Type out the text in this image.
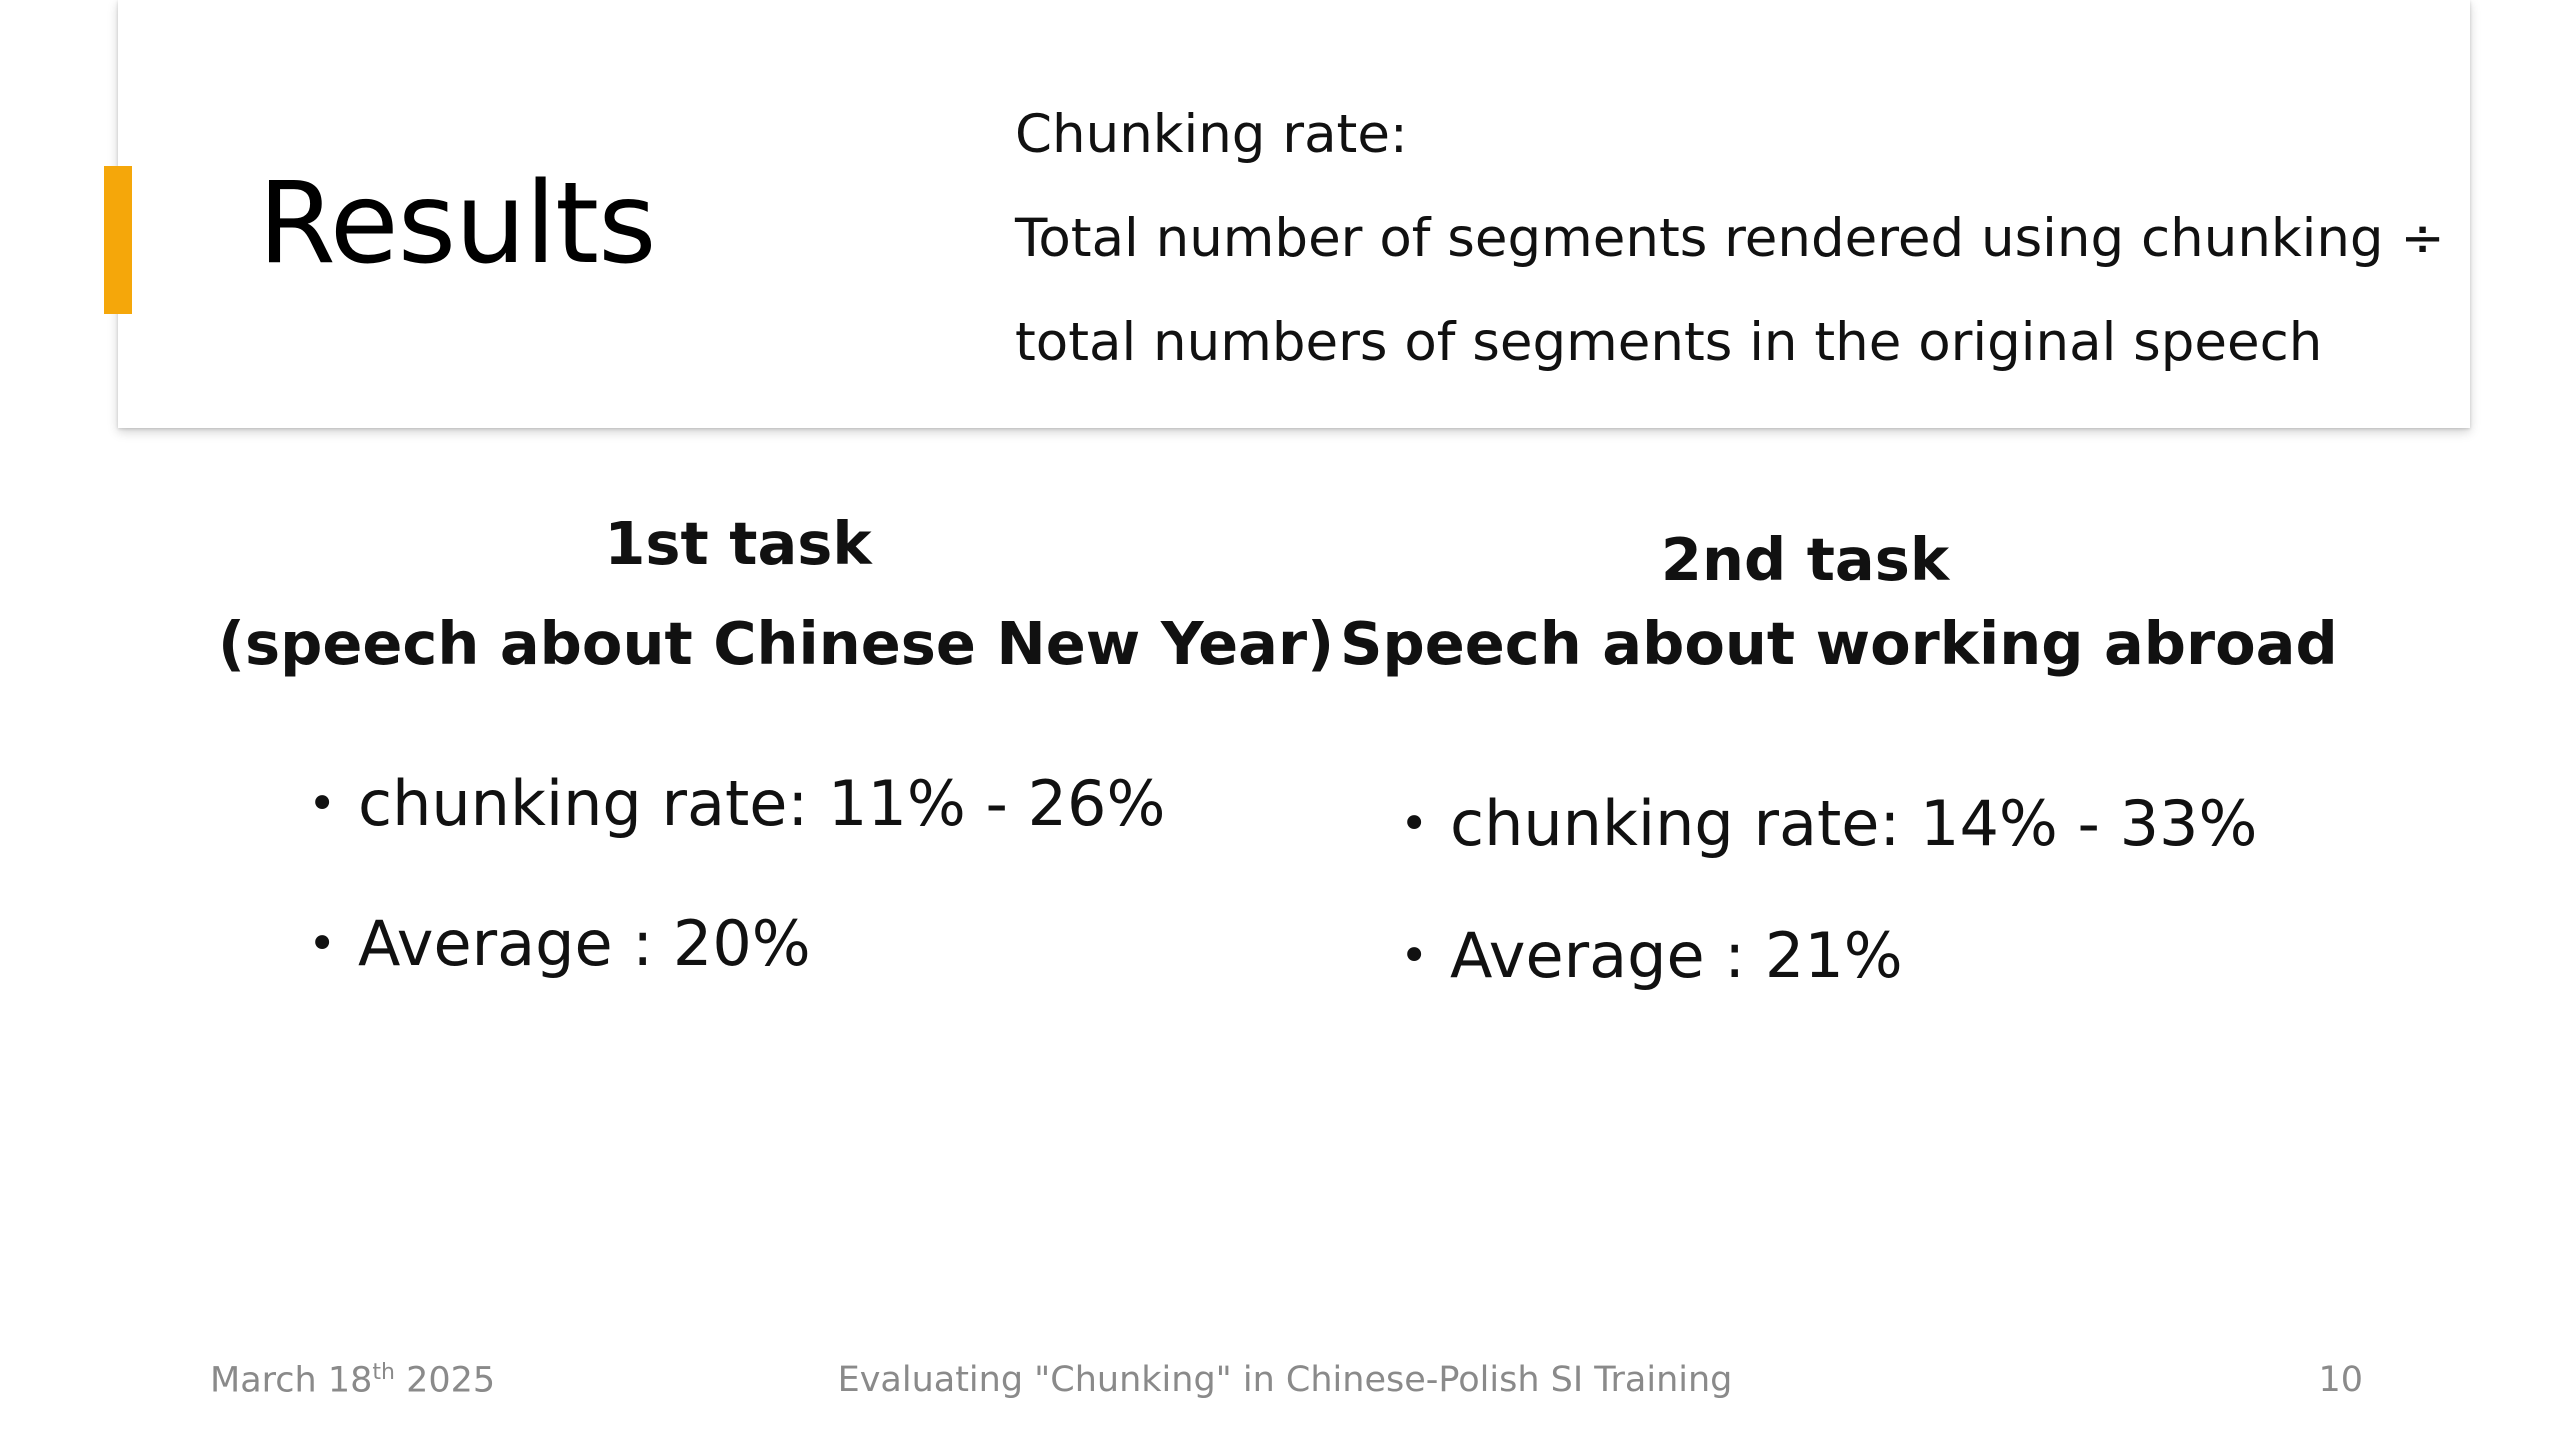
Results
Chunking rate:
Total number of segments rendered using chunking ÷
total numbers of segments in the original speech
1st task
(speech about Chinese New Year)
• chunking rate: 11% - 26%
• Average : 20%
2nd task
Speech about working abroad
• chunking rate: 14% - 33%
• Average : 21%
March 18th 2025	Evaluating "Chunking" in Chinese-Polish SI Training	10
